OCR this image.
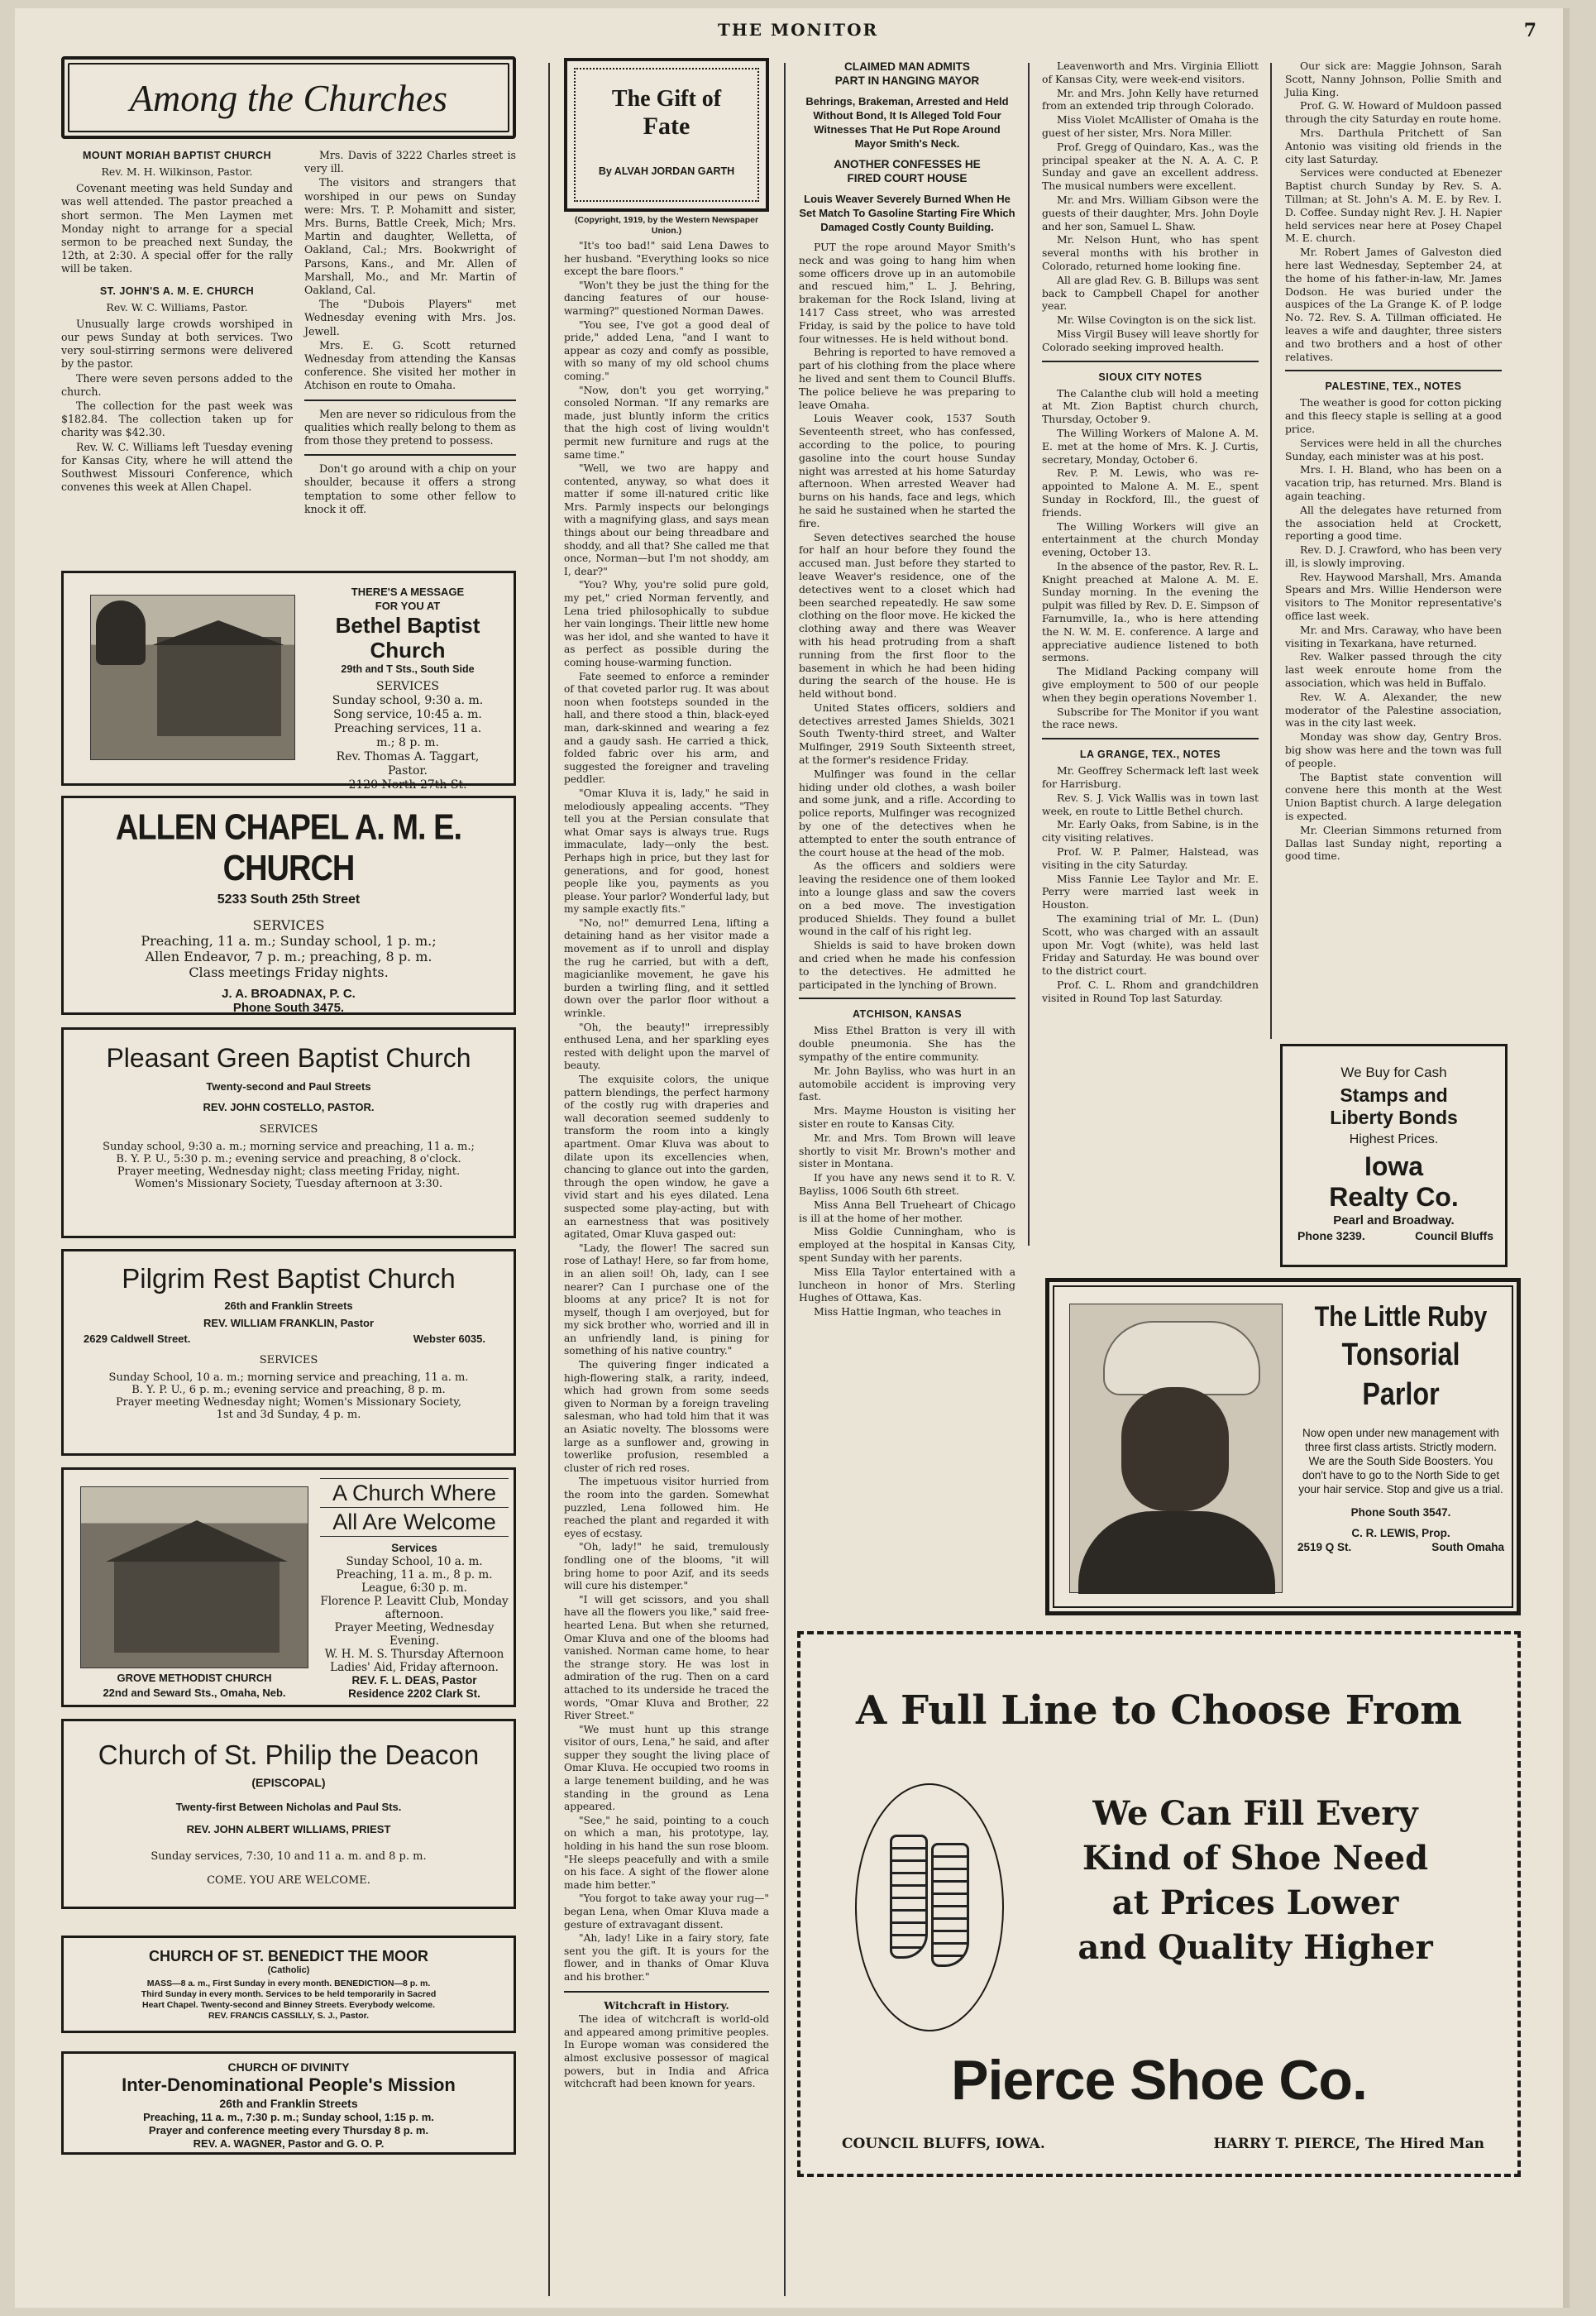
THE MONITOR	7
Among the Churches
MOUNT MORIAH BAPTIST CHURCH
Rev. M. H. Wilkinson, Pastor.

Covenant meeting was held Sunday and was well attended. The pastor preached a short sermon. The Men Laymen met Monday night to arrange for a special sermon to be preached next Sunday, the 12th, at 2:30. A special offer for the rally will be taken.

ST. JOHN'S A. M. E. CHURCH
Rev. W. C. Williams, Pastor.

Unusually large crowds worshiped in our pews Sunday at both services. Two very soul-stirring sermons were delivered by the pastor.

There were seven persons added to the church.

The collection for the past week was $182.84. The collection taken up for charity was $42.30.

Rev. W. C. Williams left Tuesday evening for Kansas City, where he will attend the Southwest Missouri Conference, which convenes this week at Allen Chapel.

Mrs. Davis of 3222 Charles street is very ill.

The visitors and strangers that worshiped in our pews on Sunday were: Mrs. T. P. Mohamitt and sister, Mrs. Burns, Battle Creek, Mich; Mrs. Martin and daughter, Welletta, of Oakland, Cal.; Mrs. Bookwright of Parsons, Kans., and Mr. Allen of Marshall, Mo., and Mr. Martin of Oakland, Cal.

The "Dubois Players" met Wednesday evening with Mrs. Jos. Jewell.

Mrs. E. G. Scott returned Wednesday from attending the Kansas conference. She visited her mother in Atchison en route to Omaha.

Men are never so ridiculous from the qualities which really belong to them as from those they pretend to possess.

Don't go around with a chip on your shoulder, because it offers a strong temptation to some other fellow to knock it off.

THERE'S A MESSAGE
FOR YOU AT
Bethel Baptist
Church
29th and T Sts., South Side
SERVICES
Sunday school, 9:30 a. m.
Song service, 10:45 a. m.
Preaching services, 11 a.
m.; 8 p. m.
Rev. Thomas A. Taggart,
Pastor.
2120 North 27th St.
ALLEN CHAPEL A. M. E. CHURCH
5233 South 25th Street
SERVICES
Preaching, 11 a. m.; Sunday school, 1 p. m.;
Allen Endeavor, 7 p. m.; preaching, 8 p. m.
Class meetings Friday nights.
J. A. BROADNAX, P. C.
Phone South 3475.
Pleasant Green Baptist Church
Twenty-second and Paul Streets
REV. JOHN COSTELLO, PASTOR.
SERVICES
Sunday school, 9:30 a. m.; morning service and preaching, 11 a. m.;
B. Y. P. U., 5:30 p. m.; evening service and preaching, 8 o'clock.
Prayer meeting, Wednesday night; class meeting Friday, night.
Women's Missionary Society, Tuesday afternoon at 3:30.
Pilgrim Rest Baptist Church
26th and Franklin Streets
REV. WILLIAM FRANKLIN, Pastor
2629 Caldwell Street.	Webster 6035.
SERVICES
Sunday School, 10 a. m.; morning service and preaching, 11 a. m.
B. Y. P. U., 6 p. m.; evening service and preaching, 8 p. m.
Prayer meeting Wednesday night; Women's Missionary Society,
1st and 3d Sunday, 4 p. m.
GROVE METHODIST CHURCH
22nd and Seward Sts., Omaha, Neb.
A Church Where
All Are Welcome
Services
Sunday School, 10 a. m.
Preaching, 11 a. m., 8 p. m.
League, 6:30 p. m.
Florence P. Leavitt Club, Monday afternoon.
Prayer Meeting, Wednesday Evening.
W. H. M. S. Thursday Afternoon
Ladies' Aid, Friday afternoon.
REV. F. L. DEAS, Pastor
Residence 2202 Clark St.
Church of St. Philip the Deacon
(EPISCOPAL)
Twenty-first Between Nicholas and Paul Sts.
REV. JOHN ALBERT WILLIAMS, PRIEST
Sunday services, 7:30, 10 and 11 a. m. and 8 p. m.
COME. YOU ARE WELCOME.
CHURCH OF ST. BENEDICT THE MOOR
(Catholic)
MASS—8 a. m., First Sunday in every month. BENEDICTION—8 p. m.
Third Sunday in every month. Services to be held temporarily in Sacred
Heart Chapel. Twenty-second and Binney Streets. Everybody welcome.
REV. FRANCIS CASSILLY, S. J., Pastor.
CHURCH OF DIVINITY
Inter-Denominational People's Mission
26th and Franklin Streets
Preaching, 11 a. m., 7:30 p. m.; Sunday school, 1:15 p. m.
Prayer and conference meeting every Thursday 8 p. m.
REV. A. WAGNER, Pastor and G. O. P.
The Gift of
Fate
By ALVAH JORDAN GARTH

(Copyright, 1919, by the Western Newspaper Union.)

"It's too bad!" said Lena Dawes to her husband. "Everything looks so nice except the bare floors."

"Won't they be just the thing for the dancing features of our house-warming?" questioned Norman Dawes.

"You see, I've got a good deal of pride," added Lena, "and I want to appear as cozy and comfy as possible, with so many of my old school chums coming."

"Now, don't you get worrying," consoled Norman. "If any remarks are made, just bluntly inform the critics that the high cost of living wouldn't permit new furniture and rugs at the same time."

"Well, we two are happy and contented, anyway, so what does it matter if some ill-natured critic like Mrs. Parmly inspects our belongings with a magnifying glass, and says mean things about our being threadbare and shoddy, and all that? She called me that once, Norman—but I'm not shoddy, am I, dear?"

"You? Why, you're solid pure gold, my pet," cried Norman fervently, and Lena tried philosophically to subdue her vain longings. Their little new home was her idol, and she wanted to have it as perfect as possible during the coming house-warming function.

Fate seemed to enforce a reminder of that coveted parlor rug. It was about noon when footsteps sounded in the hall, and there stood a thin, black-eyed man, dark-skinned and wearing a fez and a gaudy sash. He carried a thick, folded fabric over his arm, and suggested the foreigner and traveling peddler.

"Omar Kluva it is, lady," he said in melodiously appealing accents. "They tell you at the Persian consulate that what Omar says is always true. Rugs immaculate, lady—only the best. Perhaps high in price, but they last for generations, and for good, honest people like you, payments as you please. Your parlor? Wonderful lady, but my sample exactly fits."

"No, no!" demurred Lena, lifting a detaining hand as her visitor made a movement as if to unroll and display the rug he carried, but with a deft, magicianlike movement, he gave his burden a twirling fling, and it settled down over the parlor floor without a wrinkle.

"Oh, the beauty!" irrepressibly enthused Lena, and her sparkling eyes rested with delight upon the marvel of beauty.

The exquisite colors, the unique pattern blendings, the perfect harmony of the costly rug with draperies and wall decoration seemed suddenly to transform the room into a kingly apartment. Omar Kluva was about to dilate upon its excellencies when, chancing to glance out into the garden, through the open window, he gave a vivid start and his eyes dilated. Lena suspected some play-acting, but with an earnestness that was positively agitated, Omar Kluva gasped out:

"Lady, the flower! The sacred sun rose of Lathay! Here, so far from home, in an alien soil! Oh, lady, can I see nearer? Can I purchase one of the blooms at any price? It is not for myself, though I am overjoyed, but for my sick brother who, worried and ill in an unfriendly land, is pining for something of his native country."

The quivering finger indicated a high-flowering stalk, a rarity, indeed, which had grown from some seeds given to Norman by a foreign traveling salesman, who had told him that it was an Asiatic novelty. The blossoms were large as a sunflower and, growing in towerlike profusion, resembled a cluster of rich red roses.

The impetuous visitor hurried from the room into the garden. Somewhat puzzled, Lena followed him. He reached the plant and regarded it with eyes of ecstasy.

"Oh, lady!" he said, tremulously fondling one of the blooms, "it will bring home to poor Azif, and its seeds will cure his distemper."

"I will get scissors, and you shall have all the flowers you like," said free-hearted Lena. But when she returned, Omar Kluva and one of the blooms had vanished. Norman came home, to hear the strange story. He was lost in admiration of the rug. Then on a card attached to its underside he traced the words, "Omar Kluva and Brother, 22 River Street."

"We must hunt up this strange visitor of ours, Lena," he said, and after supper they sought the living place of Omar Kluva. He occupied two rooms in a large tenement building, and he was standing in the ground as Lena appeared.

"See," he said, pointing to a couch on which a man, his prototype, lay, holding in his hand the sun rose bloom. "He sleeps peacefully and with a smile on his face. A sight of the flower alone made him better."

"You forgot to take away your rug—" began Lena, when Omar Kluva made a gesture of extravagant dissent.

"Ah, lady! Like in a fairy story, fate sent you the gift. It is yours for the flower, and in thanks of Omar Kluva and his brother."

Witchcraft in History.

The idea of witchcraft is world-old and appeared among primitive peoples. In Europe woman was considered the almost exclusive possessor of magical powers, but in India and Africa witchcraft had been known for years.

CLAIMED MAN ADMITS
PART IN HANGING MAYOR
Behrings, Brakeman, Arrested and Held Without Bond, It Is Alleged Told Four Witnesses That He Put Rope Around Mayor Smith's Neck.
ANOTHER CONFESSES HE
FIRED COURT HOUSE
Louis Weaver Severely Burned When He Set Match To Gasoline Starting Fire Which Damaged Costly County Building.

PUT the rope around Mayor Smith's neck and was going to hang him when some officers drove up in an automobile and rescued him," L. J. Behring, brakeman for the Rock Island, living at 1417 Cass street, who was arrested Friday, is said by the police to have told four witnesses. He is held without bond.

Behring is reported to have removed a part of his clothing from the place where he lived and sent them to Council Bluffs. The police believe he was preparing to leave Omaha.

Louis Weaver cook, 1537 South Seventeenth street, who has confessed, according to the police, to pouring gasoline into the court house Sunday night was arrested at his home Saturday afternoon. When arrested Weaver had burns on his hands, face and legs, which he said he sustained when he started the fire.

Seven detectives searched the house for half an hour before they found the accused man. Just before they started to leave Weaver's residence, one of the detectives went to a closet which had been searched repeatedly. He saw some clothing on the floor move. He kicked the clothing away and there was Weaver with his head protruding from a shaft running from the first floor to the basement in which he had been hiding during the search of the house. He is held without bond.

United States officers, soldiers and detectives arrested James Shields, 3021 South Twenty-third street, and Walter Mulfinger, 2919 South Sixteenth street, at the former's residence Friday.

Mulfinger was found in the cellar hiding under old clothes, a wash boiler and some junk, and a rifle. According to police reports, Mulfinger was recognized by one of the detectives when he attempted to enter the south entrance of the court house at the head of the mob.

As the officers and soldiers were leaving the residence one of them looked into a lounge glass and saw the covers on a bed move. The investigation produced Shields. They found a bullet wound in the calf of his right leg.

Shields is said to have broken down and cried when he made his confession to the detectives. He admitted he participated in the lynching of Brown.

ATCHISON, KANSAS

Miss Ethel Bratton is very ill with double pneumonia. She has the sympathy of the entire community.

Mr. John Bayliss, who was hurt in an automobile accident is improving very fast.

Mrs. Mayme Houston is visiting her sister en route to Kansas City.

Mr. and Mrs. Tom Brown will leave shortly to visit Mr. Brown's mother and sister in Montana.

If you have any news send it to R. V. Bayliss, 1006 South 6th street.

Miss Anna Bell Trueheart of Chicago is ill at the home of her mother.

Miss Goldie Cunningham, who is employed at the hospital in Kansas City, spent Sunday with her parents.

Miss Ella Taylor entertained with a luncheon in honor of Mrs. Sterling Hughes of Ottawa, Kas.

Miss Hattie Ingman, who teaches in

Leavenworth and Mrs. Virginia Elliott of Kansas City, were week-end visitors.

Mr. and Mrs. John Kelly have returned from an extended trip through Colorado.

Miss Violet McAllister of Omaha is the guest of her sister, Mrs. Nora Miller.

Prof. Gregg of Quindaro, Kas., was the principal speaker at the N. A. A. C. P. Sunday and gave an excellent address. The musical numbers were excellent.

Mr. and Mrs. William Gibson were the guests of their daughter, Mrs. John Doyle and her son, Samuel L. Shaw.

Mr. Nelson Hunt, who has spent several months with his brother in Colorado, returned home looking fine.

All are glad Rev. G. B. Billups was sent back to Campbell Chapel for another year.

Mr. Wilse Covington is on the sick list.

Miss Virgil Busey will leave shortly for Colorado seeking improved health.

SIOUX CITY NOTES

The Calanthe club will hold a meeting at Mt. Zion Baptist church church, Thursday, October 9.

The Willing Workers of Malone A. M. E. met at the home of Mrs. K. J. Curtis, secretary, Monday, October 6.

Rev. P. M. Lewis, who was re-appointed to Malone A. M. E., spent Sunday in Rockford, Ill., the guest of friends.

The Willing Workers will give an entertainment at the church Monday evening, October 13.

In the absence of the pastor, Rev. R. L. Knight preached at Malone A. M. E. Sunday morning. In the evening the pulpit was filled by Rev. D. E. Simpson of Farnumville, Ia., who is here attending the N. W. M. E. conference. A large and appreciative audience listened to both sermons.

The Midland Packing company will give employment to 500 of our people when they begin operations November 1.

Subscribe for The Monitor if you want the race news.

LA GRANGE, TEX., NOTES

Mr. Geoffrey Schermack left last week for Harrisburg.

Rev. S. J. Vick Wallis was in town last week, en route to Little Bethel church.

Mr. Early Oaks, from Sabine, is in the city visiting relatives.

Prof. W. P. Palmer, Halstead, was visiting in the city Saturday.

Miss Fannie Lee Taylor and Mr. E. Perry were married last week in Houston.

The examining trial of Mr. L. (Dun) Scott, who was charged with an assault upon Mr. Vogt (white), was held last Friday and Saturday. He was bound over to the district court.

Prof. C. L. Rhom and grandchildren visited in Round Top last Saturday.

Our sick are: Maggie Johnson, Sarah Scott, Nanny Johnson, Pollie Smith and Julia King.

Prof. G. W. Howard of Muldoon passed through the city Saturday en route home.

Mrs. Darthula Pritchett of San Antonio was visiting old friends in the city last Saturday.

Services were conducted at Ebenezer Baptist church Sunday by Rev. S. A. Tillman; at St. John's A. M. E. by Rev. I. D. Coffee. Sunday night Rev. J. H. Napier held services near here at Posey Chapel M. E. church.

Mr. Robert James of Galveston died here last Wednesday, September 24, at the home of his father-in-law, Mr. James Dodson. He was buried under the auspices of the La Grange K. of P. lodge No. 72. Rev. S. A. Tillman officiated. He leaves a wife and daughter, three sisters and two brothers and a host of other relatives.

PALESTINE, TEX., NOTES

The weather is good for cotton picking and this fleecy staple is selling at a good price.

Services were held in all the churches Sunday, each minister was at his post.

Mrs. I. H. Bland, who has been on a vacation trip, has returned. Mrs. Bland is again teaching.

All the delegates have returned from the association held at Crockett, reporting a good time.

Rev. D. J. Crawford, who has been very ill, is slowly improving.

Rev. Haywood Marshall, Mrs. Amanda Spears and Mrs. Willie Henderson were visitors to The Monitor representative's office last week.

Mr. and Mrs. Caraway, who have been visiting in Texarkana, have returned.

Rev. Walker passed through the city last week enroute home from the association, which was held in Buffalo.

Rev. W. A. Alexander, the new moderator of the Palestine association, was in the city last week.

Monday was show day, Gentry Bros. big show was here and the town was full of people.

The Baptist state convention will convene here this month at the West Union Baptist church. A large delegation is expected.

Mr. Cleerian Simmons returned from Dallas last Sunday night, reporting a good time.

We Buy for Cash
Stamps and
Liberty Bonds
Highest Prices.
Iowa
Realty Co.
Pearl and Broadway.
Phone 3239.	Council Bluffs
The Little Ruby
Tonsorial
Parlor
Now open under new management with three first class artists. Strictly modern. We are the South Side Boosters. You don't have to go to the North Side to get your hair service. Stop and give us a trial.
Phone South 3547.
C. R. LEWIS, Prop.
2519 Q St.	South Omaha
A Full Line to Choose From
We Can Fill Every
Kind of Shoe Need
at Prices Lower
and Quality Higher
Pierce Shoe Co.
COUNCIL BLUFFS, IOWA.	HARRY T. PIERCE, The Hired Man
